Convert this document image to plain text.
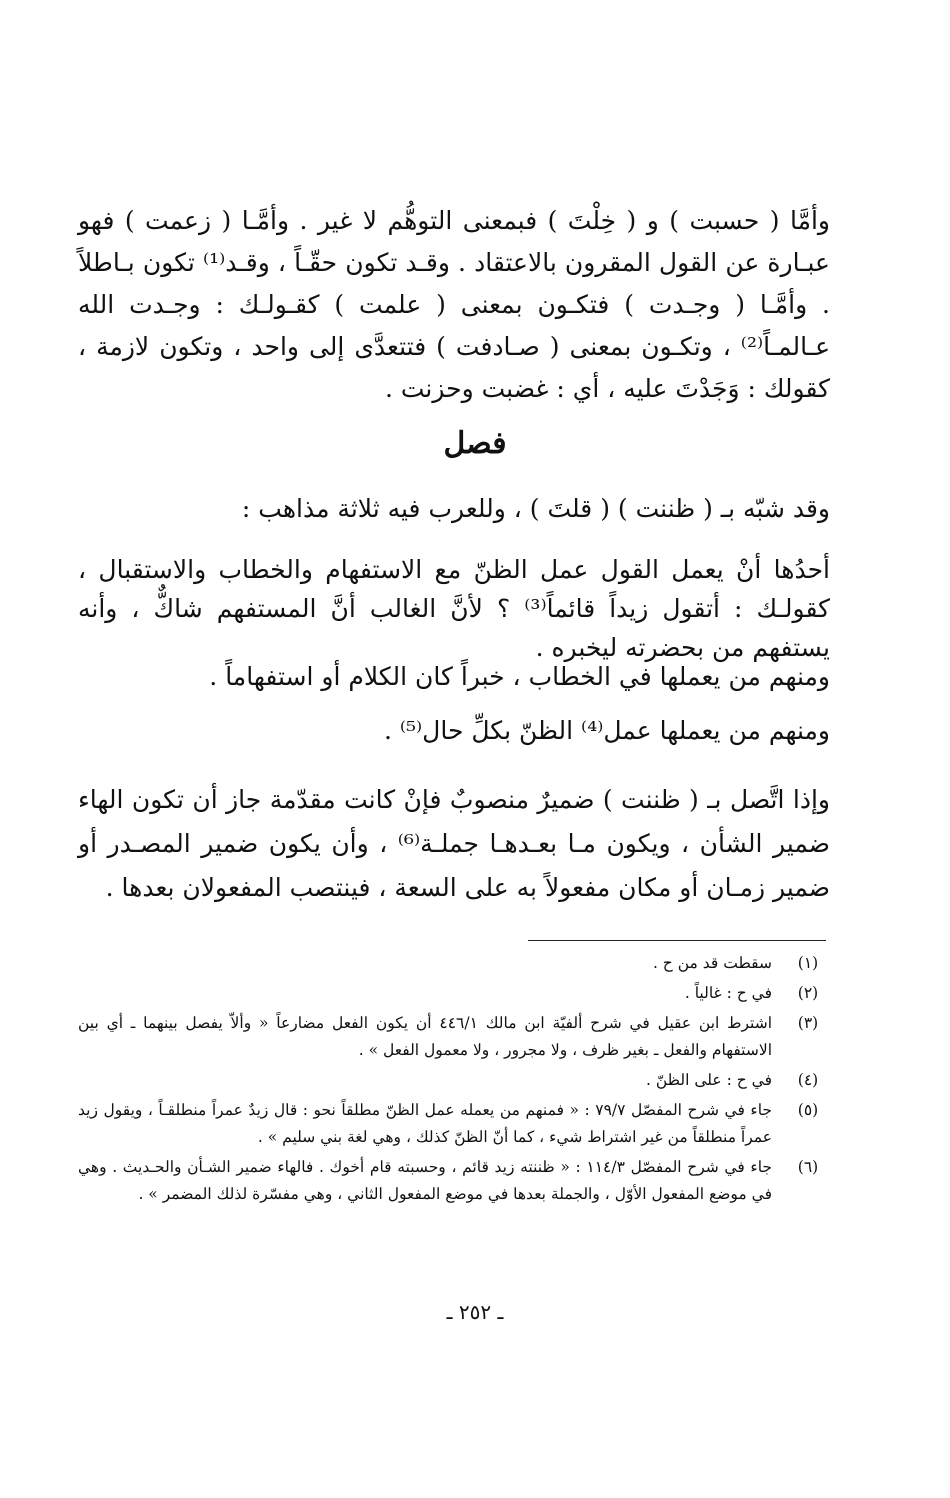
وأمَّا ( حسبت ) و ( خِلْتَ ) فبمعنى التوهُّم لا غير . وأمَّـا ( زعمت ) فهو عبـارة عن القول المقرون بالاعتقاد . وقـد تكون حقّـاً ، وقـد⁽¹⁾ تكون بـاطلاً . وأمَّـا ( وجـدت ) فتكـون بمعنى ( علمت ) كقـولـك : وجـدت الله عـالمـاً⁽²⁾ ، وتكـون بمعنى ( صـادفت ) فتتعدَّى إلى واحد ، وتكون لازمة ، كقولك : وَجَدْتَ عليه ، أي : غضبت وحزنت .

فصل

وقد شبّه بـ ( ظننت ) ( قلتَ ) ، وللعرب فيه ثلاثة مذاهب :

أحدُها أنْ يعمل القول عمل الظنّ مع الاستفهام والخطاب والاستقبال ، كقولـك : أتقول زيداً قائماً⁽³⁾ ؟ لأنَّ الغالب أنَّ المستفهم شاكٌّ ، وأنه يستفهم من بحضرته ليخبره .

ومنهم من يعملها في الخطاب ، خبراً كان الكلام أو استفهاماً .

ومنهم من يعملها عمل⁽⁴⁾ الظنّ بكلِّ حال⁽⁵⁾ .

وإذا اتَّصل بـ ( ظننت ) ضميرٌ منصوبٌ فإنْ كانت مقدّمة جاز أن تكون الهاء ضمير الشأن ، ويكون مـا بعـدهـا جملـة⁽⁶⁾ ، وأن يكون ضمير المصـدر أو ضمير زمـان أو مكان مفعولاً به على السعة ، فينتصب المفعولان بعدها .

(١)
سقطت قد من ح .
(٢)
في ح : غالياً .
(٣)
اشترط ابن عقيل في شرح ألفيّة ابن مالك ٤٤٦/١ أن يكون الفعل مضارعاً « وألاّ يفصل بينهما ـ أي بين الاستفهام والفعل ـ بغير ظرف ، ولا مجرور ، ولا معمول الفعل » .
(٤)
في ح : على الظنّ .
(٥)
جاء في شرح المفصّل ٧٩/٧ : « فمنهم من يعمله عمل الظنّ مطلقاً نحو : قال زيدٌ عمراً منطلقـاً ، ويقول زيد عمراً منطلقاً من غير اشتراط شيء ، كما أنّ الظنّ كذلك ، وهي لغة بني سليم » .
(٦)
جاء في شرح المفصّل ١١٤/٣ : « ظننته زيد قائم ، وحسبته قام أخوك . فالهاء ضمير الشـأن والحـديث . وهي في موضع المفعول الأوّل ، والجملة بعدها في موضع المفعول الثاني ، وهي مفسّرة لذلك المضمر » .

ـ ٢٥٢ ـ
